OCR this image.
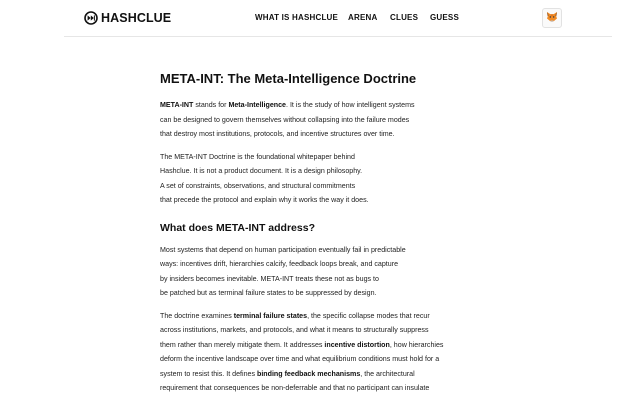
HASHCLUE	WHAT IS HASHCLUE	ARENA	CLUES	GUESS
META-INT: The Meta-Intelligence Doctrine

META-INT stands for Meta-Intelligence. It is the study of how intelligent systems
can be designed to govern themselves without collapsing into the failure modes
that destroy most institutions, protocols, and incentive structures over time.

The META-INT Doctrine is the foundational whitepaper behind
Hashclue. It is not a product document. It is a design philosophy.
A set of constraints, observations, and structural commitments
that precede the protocol and explain why it works the way it does.

What does META-INT address?

Most systems that depend on human participation eventually fail in predictable
ways: incentives drift, hierarchies calcify, feedback loops break, and capture
by insiders becomes inevitable. META-INT treats these not as bugs to
be patched but as terminal failure states to be suppressed by design.

The doctrine examines terminal failure states, the specific collapse modes that recur
across institutions, markets, and protocols, and what it means to structurally suppress
them rather than merely mitigate them. It addresses incentive distortion, how hierarchies
deform the incentive landscape over time and what equilibrium conditions must hold for a
system to resist this. It defines binding feedback mechanisms, the architectural
requirement that consequences be non-deferrable and that no participant can insulate
